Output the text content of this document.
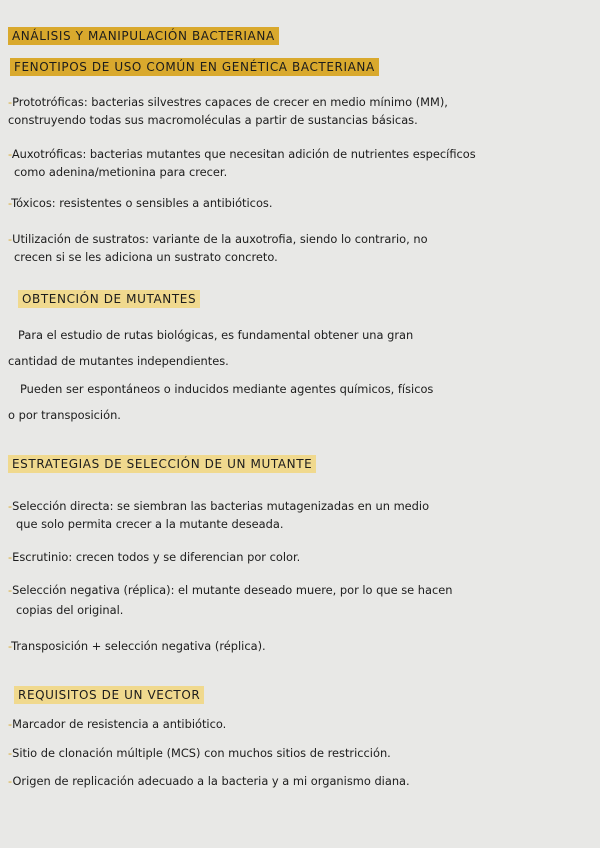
ANÁLISIS Y MANIPULACIÓN BACTERIANA
FENOTIPOS DE USO COMÚN EN GENÉTICA BACTERIANA
-Prototróficas: bacterias silvestres capaces de crecer en medio mínimo (MM),
construyendo todas sus macromoléculas a partir de sustancias básicas.
-Auxotróficas: bacterias mutantes que necesitan adición de nutrientes específicos
como adenina/metionina para crecer.
-Tóxicos: resistentes o sensibles a antibióticos.
-Utilización de sustratos: variante de la auxotrofia, siendo lo contrario, no
crecen si se les adiciona un sustrato concreto.
OBTENCIÓN DE MUTANTES
Para el estudio de rutas biológicas, es fundamental obtener una gran
cantidad de mutantes independientes.
Pueden ser espontáneos o inducidos mediante agentes químicos, físicos
o por transposición.
ESTRATEGIAS DE SELECCIÓN DE UN MUTANTE
-Selección directa: se siembran las bacterias mutagenizadas en un medio
que solo permita crecer a la mutante deseada.
-Escrutinio: crecen todos y se diferencian por color.
-Selección negativa (réplica): el mutante deseado muere, por lo que se hacen
copias del original.
-Transposición + selección negativa (réplica).
REQUISITOS DE UN VECTOR
-Marcador de resistencia a antibiótico.
-Sitio de clonación múltiple (MCS) con muchos sitios de restricción.
-Origen de replicación adecuado a la bacteria y a mi organismo diana.
